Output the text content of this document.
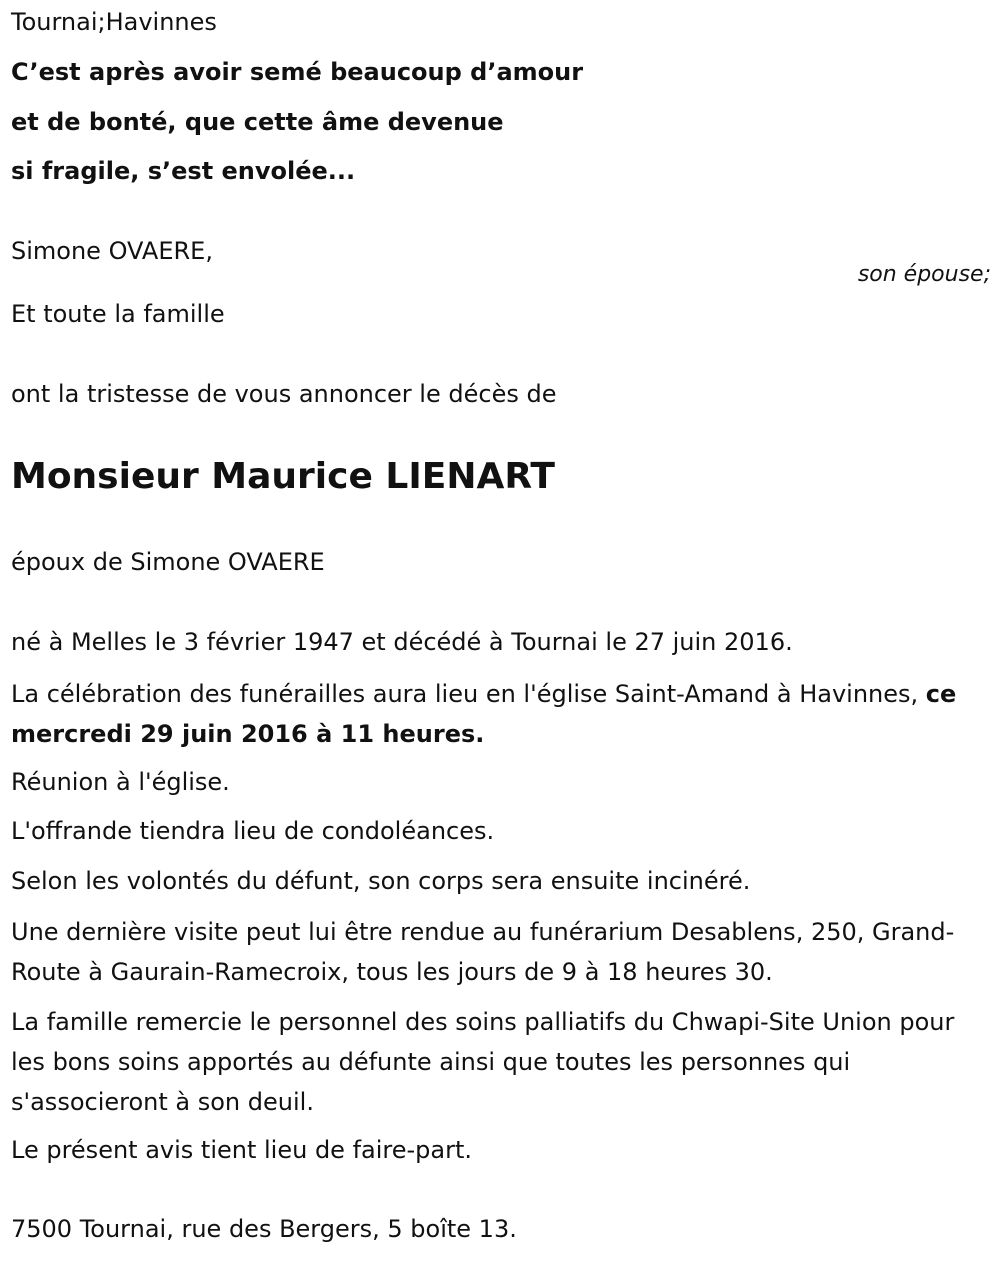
Tournai;Havinnes
C’est après avoir semé beaucoup d’amour
et de bonté, que cette âme devenue
si fragile, s’est envolée...
Simone OVAERE,
son épouse;
Et toute la famille
ont la tristesse de vous annoncer le décès de
Monsieur Maurice LIENART
époux de Simone OVAERE
né à Melles le 3 février 1947 et décédé à Tournai le 27 juin 2016.
La célébration des funérailles aura lieu en l'église Saint-Amand à Havinnes, ce mercredi 29 juin 2016 à 11 heures.
Réunion à l'église.
L'offrande tiendra lieu de condoléances.
Selon les volontés du défunt, son corps sera ensuite incinéré.
Une dernière visite peut lui être rendue au funérarium Desablens, 250, Grand-Route à Gaurain-Ramecroix, tous les jours de 9 à 18 heures 30.
La famille remercie le personnel des soins palliatifs du Chwapi-Site Union pour les bons soins apportés au défunte ainsi que toutes les personnes qui s'associeront à son deuil.
Le présent avis tient lieu de faire-part.
7500 Tournai, rue des Bergers, 5 boîte 13.
